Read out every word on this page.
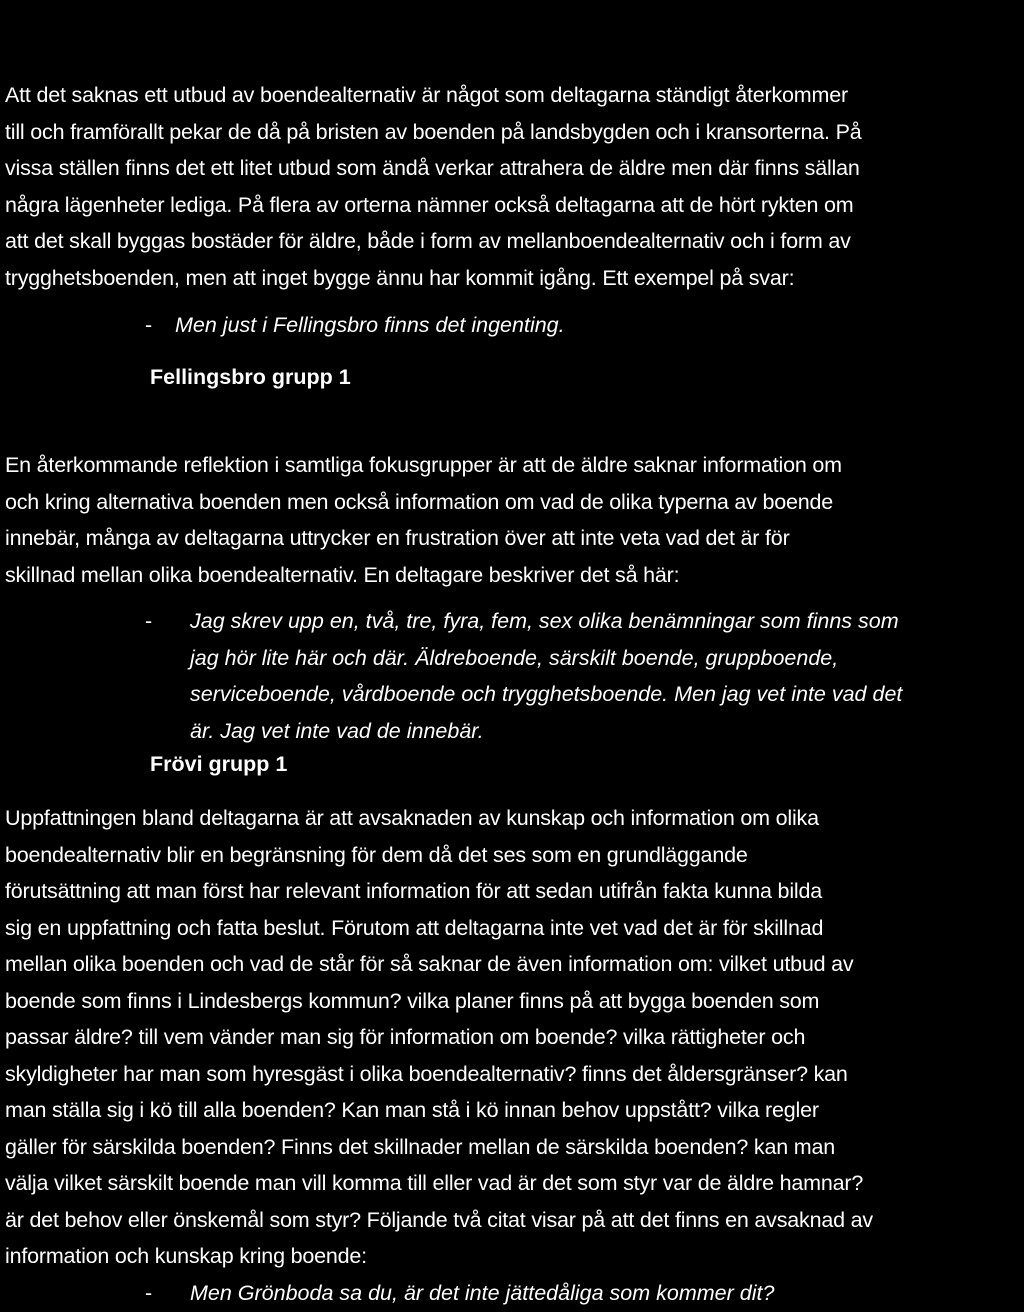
Att det saknas ett utbud av boendealternativ är något som deltagarna ständigt återkommer
till och framförallt pekar de då på bristen av boenden på landsbygden och i kransorterna. På
vissa ställen finns det ett litet utbud som ändå verkar attrahera de äldre men där finns sällan
några lägenheter lediga. På flera av orterna nämner också deltagarna att de hört rykten om
att det skall byggas bostäder för äldre, både i form av mellanboendealternativ och i form av
trygghetsboenden, men att inget bygge ännu har kommit igång. Ett exempel på svar:
- Men just i Fellingsbro finns det ingenting.
Fellingsbro grupp 1
En återkommande reflektion i samtliga fokusgrupper är att de äldre saknar information om
och kring alternativa boenden men också information om vad de olika typerna av boende
innebär, många av deltagarna uttrycker en frustration över att inte veta vad det är för
skillnad mellan olika boendealternativ. En deltagare beskriver det så här:
- Jag skrev upp en, två, tre, fyra, fem, sex olika benämningar som finns som
jag hör lite här och där. Äldreboende, särskilt boende, gruppboende,
serviceboende, vårdboende och trygghetsboende. Men jag vet inte vad det
är. Jag vet inte vad de innebär.
Frövi grupp 1
Uppfattningen bland deltagarna är att avsaknaden av kunskap och information om olika
boendealternativ blir en begränsning för dem då det ses som en grundläggande
förutsättning att man först har relevant information för att sedan utifrån fakta kunna bilda
sig en uppfattning och fatta beslut. Förutom att deltagarna inte vet vad det är för skillnad
mellan olika boenden och vad de står för så saknar de även information om: vilket utbud av
boende som finns i Lindesbergs kommun? vilka planer finns på att bygga boenden som
passar äldre? till vem vänder man sig för information om boende? vilka rättigheter och
skyldigheter har man som hyresgäst i olika boendealternativ? finns det åldersgränser? kan
man ställa sig i kö till alla boenden? Kan man stå i kö innan behov uppstått? vilka regler
gäller för särskilda boenden? Finns det skillnader mellan de särskilda boenden? kan man
välja vilket särskilt boende man vill komma till eller vad är det som styr var de äldre hamnar?
är det behov eller önskemål som styr? Följande två citat visar på att det finns en avsaknad av
information och kunskap kring boende:
- Men Grönboda sa du, är det inte jättedåliga som kommer dit?
